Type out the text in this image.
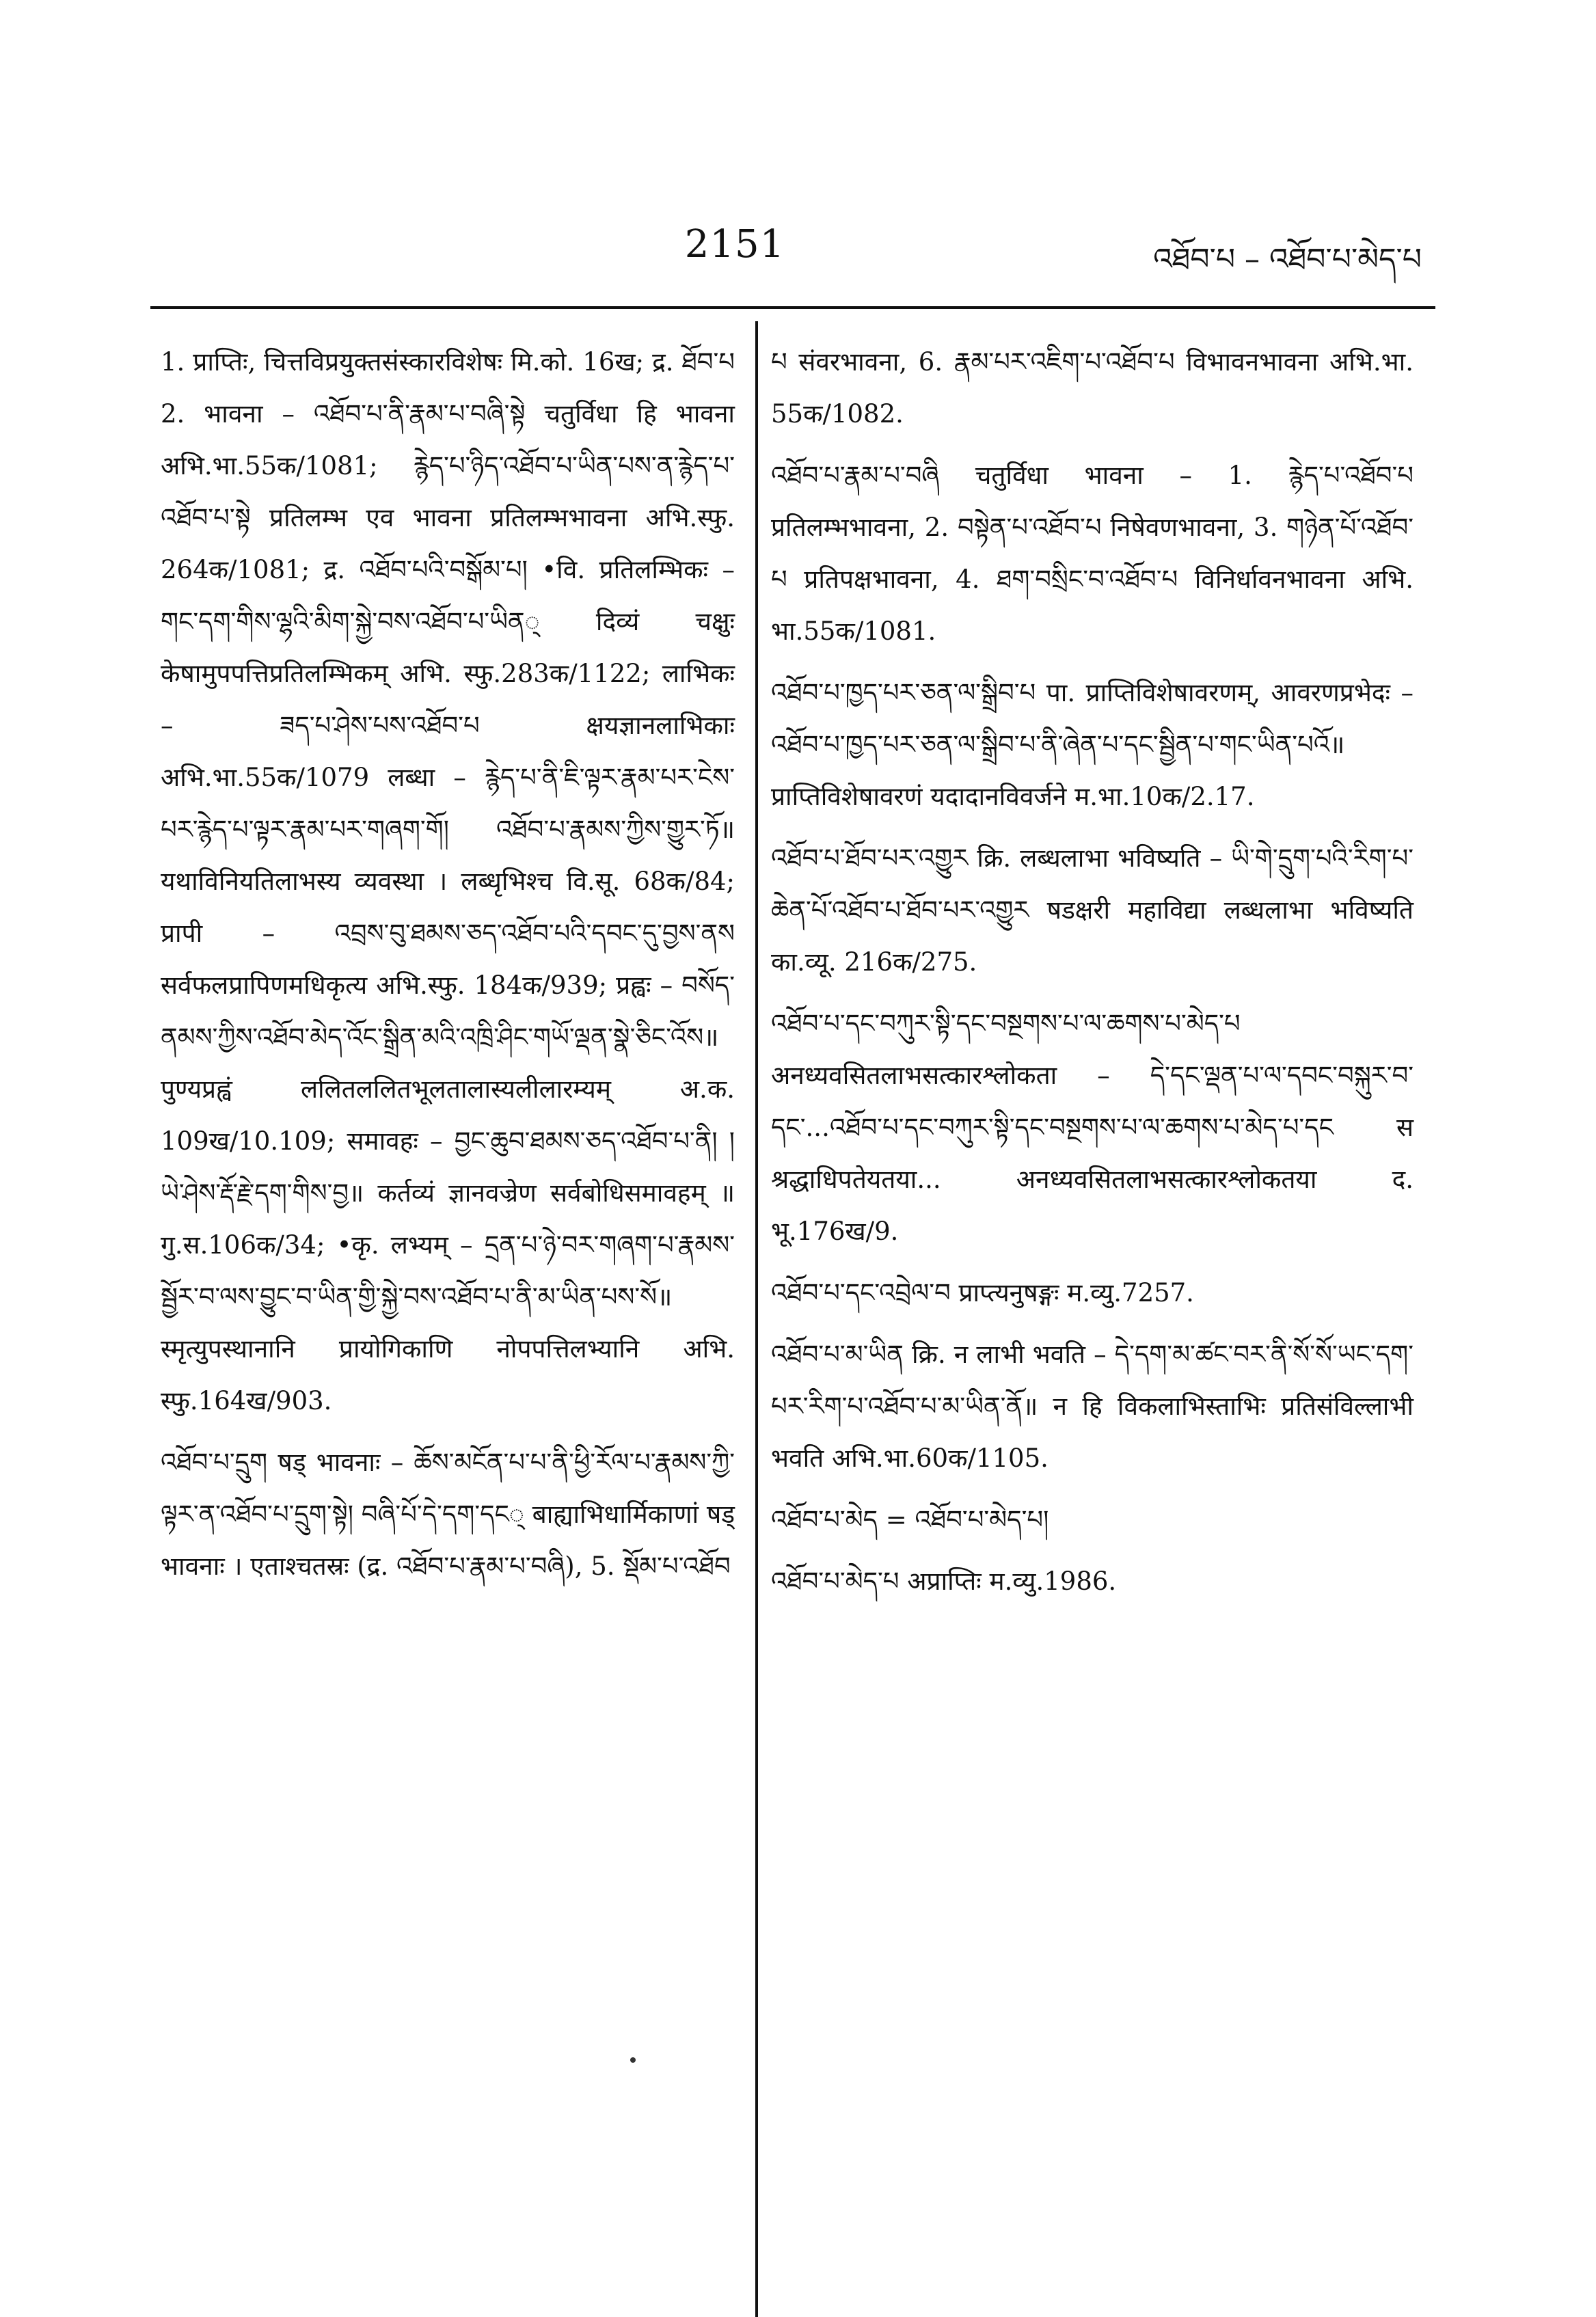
2151	འཐོབ་པ – འཐོབ་པ་མེད་པ

1. प्राप्तिः, चित्तविप्रयुक्तसंस्कारविशेषः मि.को. 16ख; द्र. ཐོབ་པ 2. भावना – འཐོབ་པ་ནི་རྣམ་པ་བཞི་སྟེ चतुर्विधा हि भावना अभि.भा.55क/1081; རྙེད་པ་ཉིད་འཐོབ་པ་ཡིན་པས་ན་རྙེད་པ་འཐོབ་པ་སྟེ प्रतिलम्भ एव भावना प्रतिलम्भभावना अभि.स्फु. 264क/1081; द्र. འཐོབ་པའི་བསྒོམ་པ། •वि. प्रतिलम्भिकः – གང་དག་གིས་ལྷའི་མིག་སྐྱེ་བས་འཐོབ་པ་ཡིན् दिव्यं चक्षुः केषामुपपत्तिप्रतिलम्भिकम् अभि. स्फु.283क/1122; लाभिकः – ཟད་པ་ཤེས་པས་འཐོབ་པ क्षयज्ञानलाभिकाः अभि.भा.55क/1079 लब्धा – རྙེད་པ་ནི་ཇི་ལྟར་རྣམ་པར་ངེས་པར་རྙེད་པ་ལྟར་རྣམ་པར་གཞག་གོ། འཐོབ་པ་རྣམས་ཀྱིས་གྱུར་ཏོ॥ यथाविनियतिलाभस्य व्यवस्था । लब्धृभिश्च वि.सू. 68क/84; प्रापी – འབྲས་བུ་ཐམས་ཅད་འཐོབ་པའི་དབང་དུ་བྱས་ནས सर्वफलप्रापिणमधिकृत्य अभि.स्फु. 184क/939; प्रह्वः – བསོད་ནམས་ཀྱིས་འཐོབ་མེད་འོང་སྒྲིན་མའི་འཁྲི་ཤིང་གཡོ་ལྡན་སྣེ་ཅིང་འོས॥ पुण्यप्रह्वं ललितललितभूलतालास्यलीलारम्यम् अ.क. 109ख/10.109; समावहः – བྱང་ཆུབ་ཐམས་ཅད་འཐོབ་པ་ནི། །ཡེ་ཤེས་རྡོ་རྗེ་དག་གིས་བྱ॥ कर्तव्यं ज्ञानवज्रेण सर्वबोधिसमावहम् ॥ गु.स.106क/34; •कृ. लभ्यम् – དྲན་པ་ཉེ་བར་གཞག་པ་རྣམས་སྦྱོར་བ་ལས་བྱུང་བ་ཡིན་གྱི་སྐྱེ་བས་འཐོབ་པ་ནི་མ་ཡིན་པས་སོ॥ स्मृत्युपस्थानानि प्रायोगिकाणि नोपपत्तिलभ्यानि अभि. स्फु.164ख/903.

འཐོབ་པ་དྲུག षड् भावनाः – ཆོས་མངོན་པ་པ་ནི་ཕྱི་རོལ་པ་རྣམས་ཀྱི་ལྟར་ན་འཐོབ་པ་དྲུག་སྟེ། བཞི་པོ་དེ་དག་དང् बाह्याभिधार्मिकाणां षड् भावनाः । एताश्चतस्रः (द्र. འཐོབ་པ་རྣམ་པ་བཞི), 5. སྡོམ་པ་འཐོབ

པ संवरभावना, 6. རྣམ་པར་འཇིག་པ་འཐོབ་པ विभावनभावना अभि.भा. 55क/1082.

འཐོབ་པ་རྣམ་པ་བཞི चतुर्विधा भावना – 1. རྙེད་པ་འཐོབ་པ प्रतिलम्भभावना, 2. བསྟེན་པ་འཐོབ་པ निषेवणभावना, 3. གཉེན་པོ་འཐོབ་པ प्रतिपक्षभावना, 4. ཐག་བསྲིང་བ་འཐོབ་པ विनिर्धावनभावना अभि. भा.55क/1081.

འཐོབ་པ་ཁྱད་པར་ཅན་ལ་སྒྲིབ་པ पा. प्राप्तिविशेषावरणम्, आवरणप्रभेदः – འཐོབ་པ་ཁྱད་པར་ཅན་ལ་སྒྲིབ་པ་ནི་ཞེན་པ་དང་སྦྱིན་པ་གང་ཡིན་པའོ॥ प्राप्तिविशेषावरणं यदादानविवर्जने म.भा.10क/2.17.

འཐོབ་པ་ཐོབ་པར་འགྱུར क्रि. लब्धलाभा भविष्यति – ཡི་གེ་དྲུག་པའི་རིག་པ་ཆེན་པོ་འཐོབ་པ་ཐོབ་པར་འགྱུར षडक्षरी महाविद्या लब्धलाभा भविष्यति का.व्यू. 216क/275.

འཐོབ་པ་དང་བཀུར་སྟི་དང་བསྔགས་པ་ལ་ཆགས་པ་མེད་པ अनध्यवसितलाभसत्कारश्लोकता – དེ་དང་ལྡན་པ་ལ་དབང་བསྐུར་བ་དང་...འཐོབ་པ་དང་བཀུར་སྟི་དང་བསྔགས་པ་ལ་ཆགས་པ་མེད་པ་དང स श्रद्धाधिपतेयतया... अनध्यवसितलाभसत्कारश्लोकतया द. भू.176ख/9.

འཐོབ་པ་དང་འབྲེལ་བ प्राप्त्यनुषङ्गः म.व्यु.7257.

འཐོབ་པ་མ་ཡིན क्रि. न लाभी भवति – དེ་དག་མ་ཚང་བར་ནི་སོ་སོ་ཡང་དག་པར་རིག་པ་འཐོབ་པ་མ་ཡིན་ནོ॥ न हि विकलाभिस्ताभिः प्रतिसंविल्लाभी भवति अभि.भा.60क/1105.

འཐོབ་པ་མེད = འཐོབ་པ་མེད་པ།

འཐོབ་པ་མེད་པ अप्राप्तिः म.व्यु.1986.
